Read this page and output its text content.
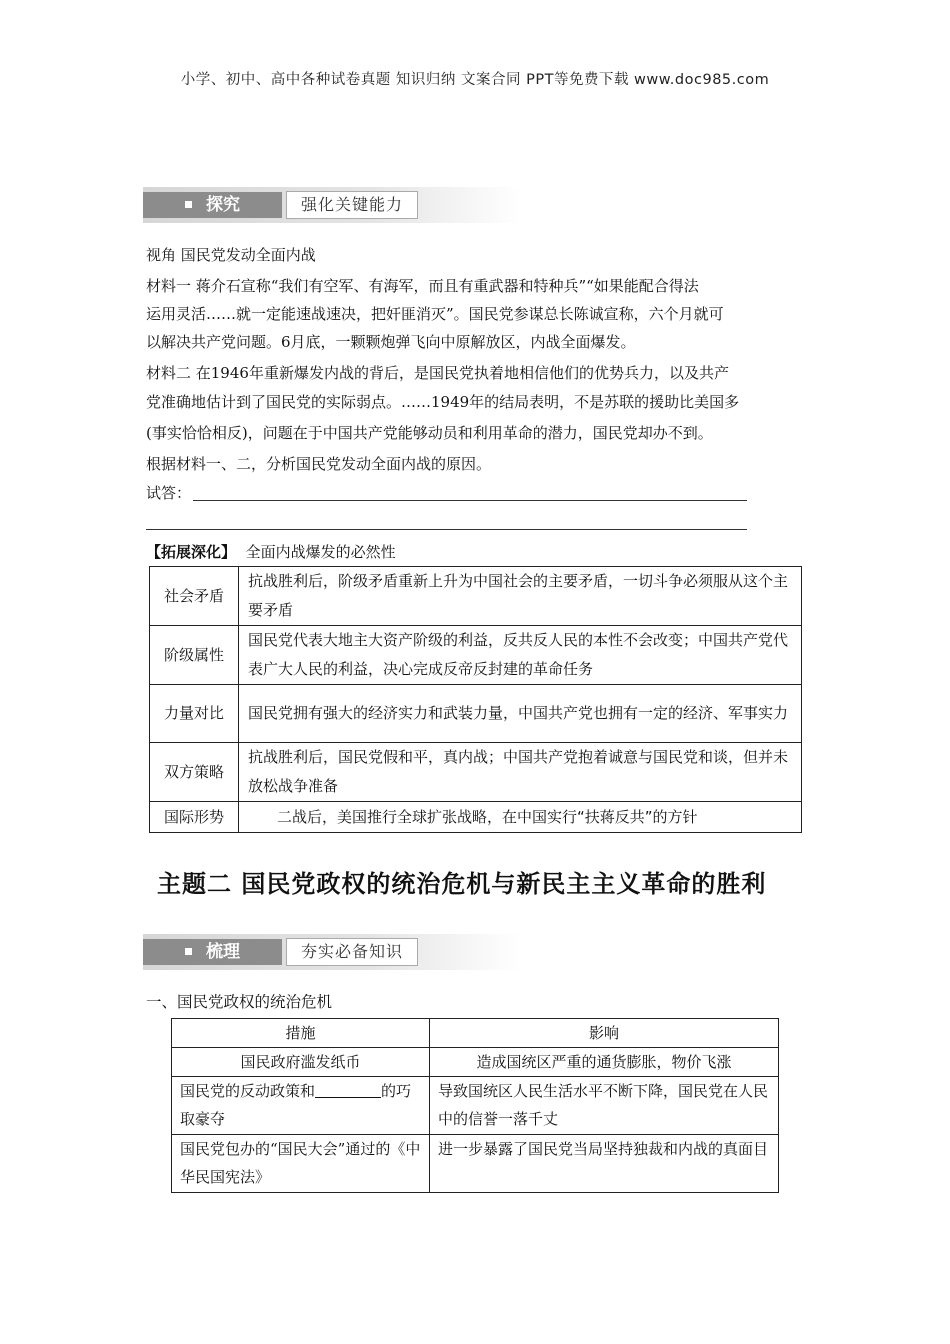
小学、初中、高中各种试卷真题 知识归纳 文案合同 PPT等免费下载 www.doc985.com
探究	强化关键能力
视角 国民党发动全面内战
材料一 蒋介石宣称“我们有空军、有海军，而且有重武器和特种兵”“如果能配合得法
运用灵活……就一定能速战速决，把奸匪消灭”。国民党参谋总长陈诚宣称，六个月就可
以解决共产党问题。6月底，一颗颗炮弹飞向中原解放区，内战全面爆发。
材料二 在1946年重新爆发内战的背后，是国民党执着地相信他们的优势兵力，以及共产
党准确地估计到了国民党的实际弱点。……1949年的结局表明，不是苏联的援助比美国多
(事实恰恰相反)，问题在于中国共产党能够动员和利用革命的潜力，国民党却办不到。
根据材料一、二，分析国民党发动全面内战的原因。
试答：
【拓展深化】 全面内战爆发的必然性
社会矛盾	抗战胜利后，阶级矛盾重新上升为中国社会的主要矛盾，一切斗争必须服从这个主要矛盾
阶级属性	国民党代表大地主大资产阶级的利益，反共反人民的本性不会改变；中国共产党代表广大人民的利益，决心完成反帝反封建的革命任务
力量对比	国民党拥有强大的经济实力和武装力量，中国共产党也拥有一定的经济、军事实力
双方策略	抗战胜利后，国民党假和平，真内战；中国共产党抱着诚意与国民党和谈，但并未放松战争准备
国际形势	二战后，美国推行全球扩张战略，在中国实行“扶蒋反共”的方针
主题二 国民党政权的统治危机与新民主主义革命的胜利
梳理	夯实必备知识
一、国民党政权的统治危机
措施	影响
国民政府滥发纸币	造成国统区严重的通货膨胀，物价飞涨
国民党的反动政策和 的巧取豪夺	导致国统区人民生活水平不断下降，国民党在人民中的信誉一落千丈
国民党包办的“国民大会”通过的《中华民国宪法》	进一步暴露了国民党当局坚持独裁和内战的真面目
